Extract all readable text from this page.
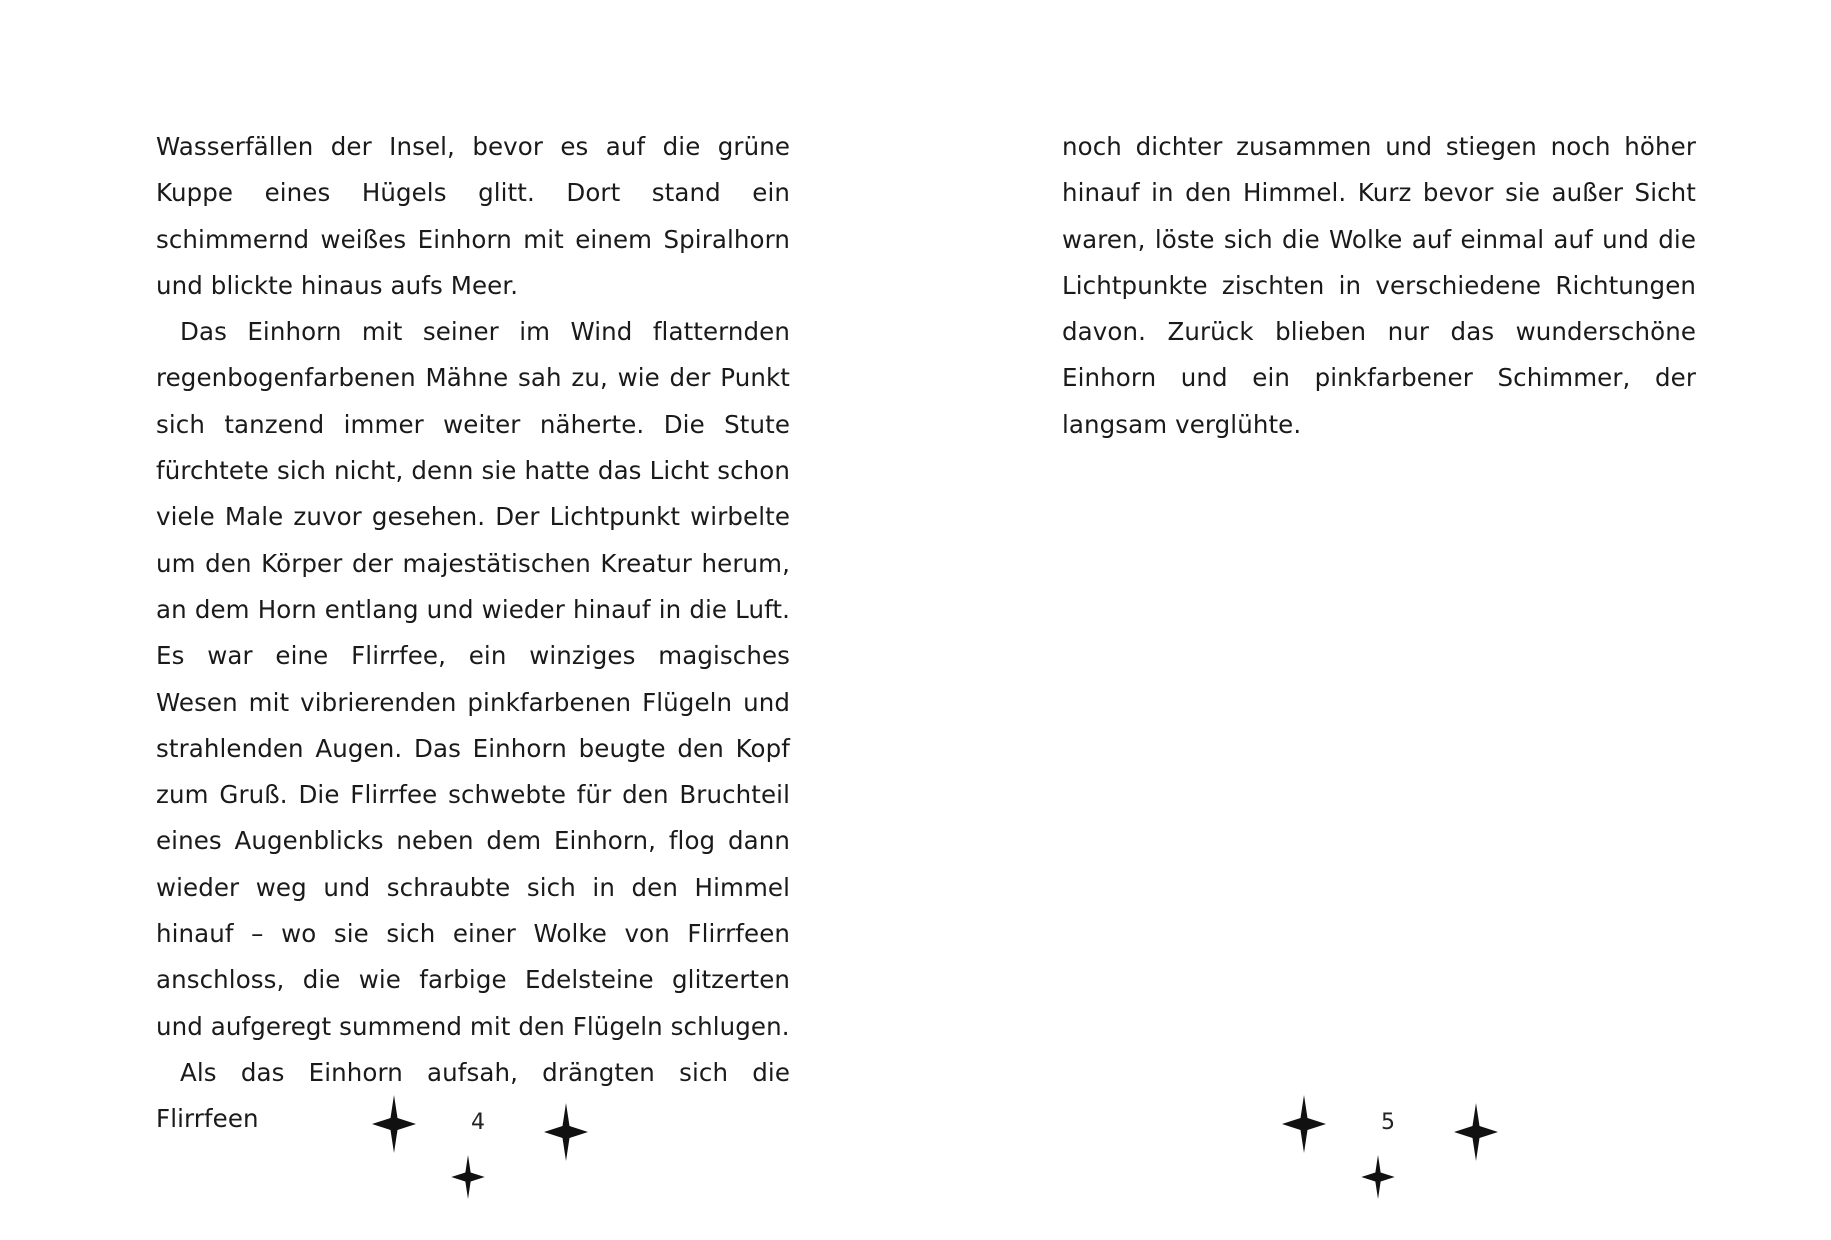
Wasserfällen der Insel, bevor es auf die grüne Kuppe eines Hügels glitt. Dort stand ein schimmernd weißes Einhorn mit einem Spiralhorn und blickte hinaus aufs Meer.

Das Einhorn mit seiner im Wind flatternden regenbogenfarbenen Mähne sah zu, wie der Punkt sich tanzend immer weiter näherte. Die Stute fürchtete sich nicht, denn sie hatte das Licht schon viele Male zuvor gesehen. Der Lichtpunkt wirbelte um den Körper der majestätischen Kreatur herum, an dem Horn entlang und wieder hinauf in die Luft. Es war eine Flirrfee, ein winziges magisches Wesen mit vibrierenden pinkfarbenen Flügeln und strahlenden Augen. Das Einhorn beugte den Kopf zum Gruß. Die Flirrfee schwebte für den Bruchteil eines Augenblicks neben dem Einhorn, flog dann wieder weg und schraubte sich in den Himmel hinauf – wo sie sich einer Wolke von Flirrfeen anschloss, die wie farbige Edelsteine glitzerten und aufgeregt summend mit den Flügeln schlugen.

Als das Einhorn aufsah, drängten sich die Flirrfeen	4

noch dichter zusammen und stiegen noch höher hinauf in den Himmel. Kurz bevor sie außer Sicht waren, löste sich die Wolke auf einmal auf und die Lichtpunkte zischten in verschiedene Richtungen davon. Zurück blieben nur das wunderschöne Einhorn und ein pinkfarbener Schimmer, der langsam verglühte.

5
